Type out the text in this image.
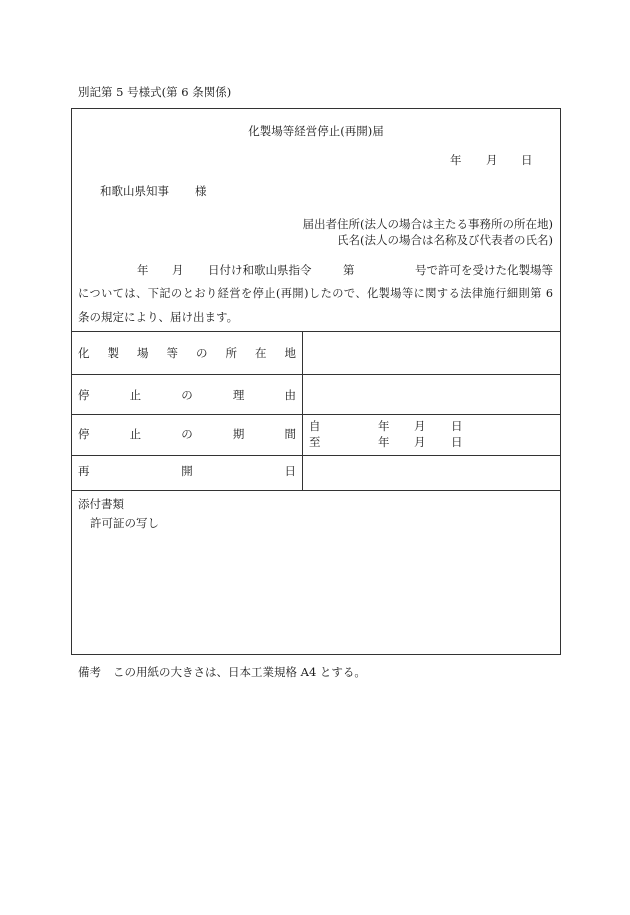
別記第 5 号様式(第 6 条関係)
化製場等経営停止(再開)届
年 月 日
和歌山県知事 様
届出者住所(法人の場合は主たる事務所の所在地)
氏名(法人の場合は名称及び代表者の氏名)
年 月 日付け和歌山県指令	第	号で許可を受けた化製場等
については、下記のとおり経営を停止(再開)したので、化製場等に関する法律施行細則第 6
条の規定により、届け出ます。
化製場等の所在地
停止の理由
停止の期間
自	年 月 日
至	年 月 日
再開日
添付書類
許可証の写し
備考 この用紙の大きさは、日本工業規格 A4 とする。
